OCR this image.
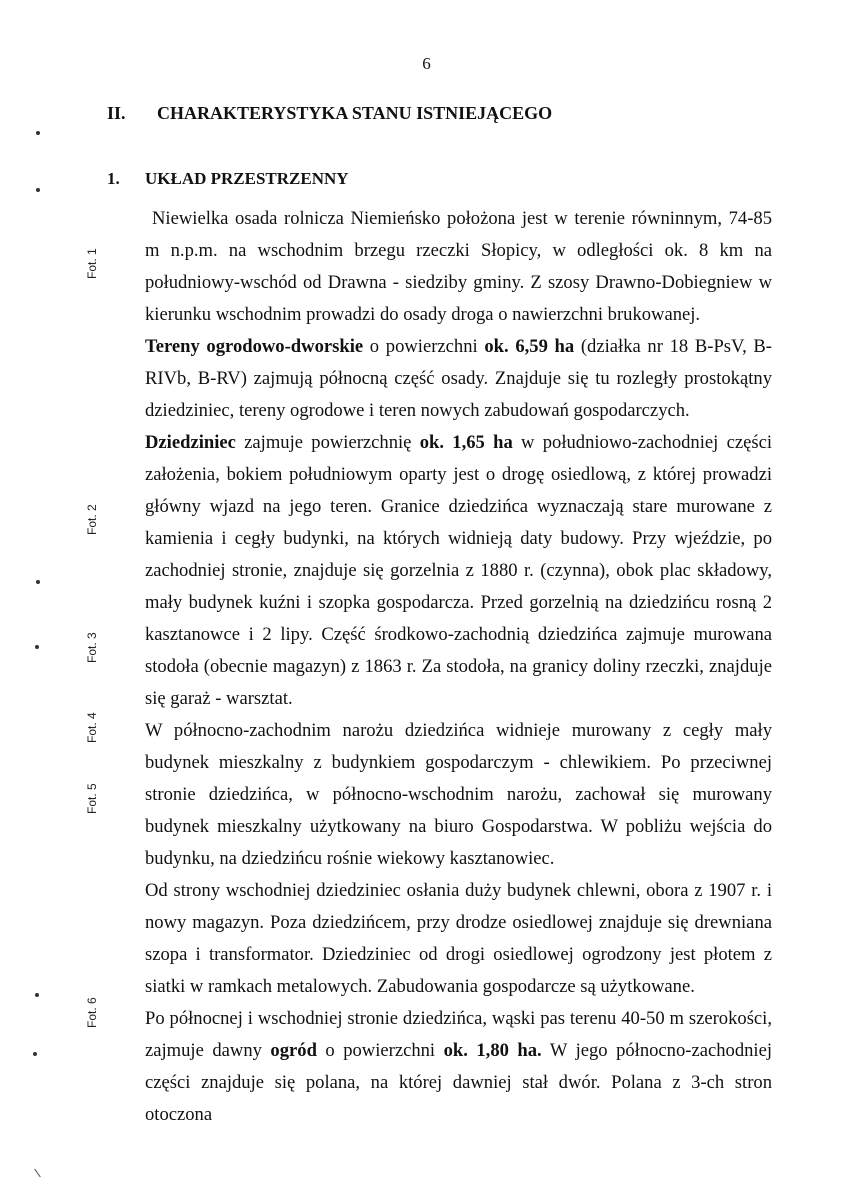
6
II. CHARAKTERYSTYKA STANU ISTNIEJĄCEGO
1. UKŁAD PRZESTRZENNY

Niewielka osada rolnicza Niemieńsko położona jest w terenie równinnym, 74-85 m n.p.m. na wschodnim brzegu rzeczki Słopicy, w odległości ok. 8 km na południowy-wschód od Drawna - siedziby gminy. Z szosy Drawno-Dobiegniew w kierunku wschodnim prowadzi do osady droga o nawierzchni brukowanej.

Tereny ogrodowo-dworskie o powierzchni ok. 6,59 ha (działka nr 18 B-PsV, B-RIVb, B-RV) zajmują północną część osady. Znajduje się tu rozległy prostokątny dziedziniec, tereny ogrodowe i teren nowych zabudowań gospodarczych.

Dziedziniec zajmuje powierzchnię ok. 1,65 ha w południowo-zachodniej części założenia, bokiem południowym oparty jest o drogę osiedlową, z której prowadzi główny wjazd na jego teren. Granice dziedzińca wyznaczają stare murowane z kamienia i cegły budynki, na których widnieją daty budowy. Przy wjeździe, po zachodniej stronie, znajduje się gorzelnia z 1880 r. (czynna), obok plac składowy, mały budynek kuźni i szopka gospodarcza. Przed gorzelnią na dziedzińcu rosną 2 kasztanowce i 2 lipy. Część środkowo-zachodnią dziedzińca zajmuje murowana stodoła (obecnie magazyn) z 1863 r. Za stodoła, na granicy doliny rzeczki, znajduje się garaż - warsztat.

W północno-zachodnim narożu dziedzińca widnieje murowany z cegły mały budynek mieszkalny z budynkiem gospodarczym - chlewikiem. Po przeciwnej stronie dziedzińca, w północno-wschodnim narożu, zachował się murowany budynek mieszkalny użytkowany na biuro Gospodarstwa. W pobliżu wejścia do budynku, na dziedzińcu rośnie wiekowy kasztanowiec.

Od strony wschodniej dziedziniec osłania duży budynek chlewni, obora z 1907 r. i nowy magazyn. Poza dziedzińcem, przy drodze osiedlowej znajduje się drewniana szopa i transformator. Dziedziniec od drogi osiedlowej ogrodzony jest płotem z siatki w ramkach metalowych. Zabudowania gospodarcze są użytkowane.

Po północnej i wschodniej stronie dziedzińca, wąski pas terenu 40-50 m szerokości, zajmuje dawny ogród o powierzchni ok. 1,80 ha. W jego północno-zachodniej części znajduje się polana, na której dawniej stał dwór. Polana z 3-ch stron otoczona

Fot. 1
Fot. 2
Fot. 3
Fot. 4
Fot. 5
Fot. 6
